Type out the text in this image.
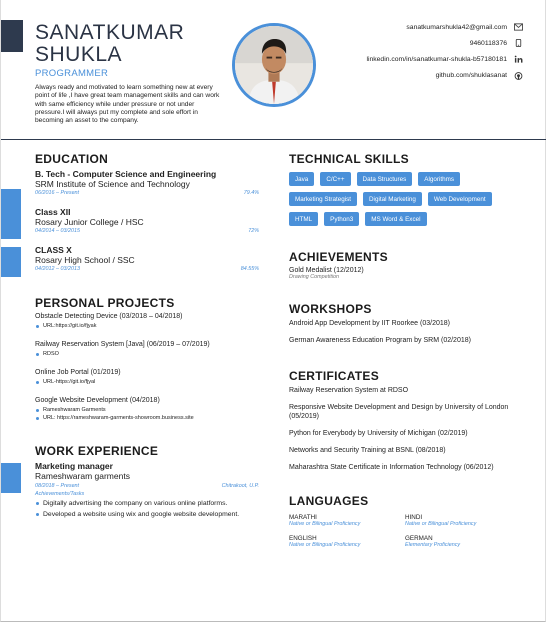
SANATKUMAR
SHUKLA
PROGRAMMER
Always ready and motivated to learn something new at every point of life ,I have great team management skills and can work with same efficiency while under pressure or not under pressure.I will always put my complete and sole effort in becoming an asset to the company.
sanatkumarshukla42@gmail.com
9460118376
linkedin.com/in/sanatkumar-shukla-b57180181
github.com/shuklasanat
EDUCATION
B. Tech - Computer Science and Engineering
SRM Institute of Science and Technology
06/2016 – Present	79.4%
Class XII
Rosary Junior College / HSC
04/2014 – 03/2015	72%
CLASS X
Rosary High School / SSC
04/2012 – 03/2013	84.55%
PERSONAL PROJECTS
Obstacle Detecting Device (03/2018 – 04/2018)
URL:https://git.io/fjyak
Railway Reservation System [Java] (06/2019 – 07/2019)
RDSO
Online Job Portal (01/2019)
URL-https://git.io/fjyal
Google Website Development (04/2018)
Rameshwaram Garments
URL: https://rameshwaram-garments-showroom.business.site
WORK EXPERIENCE
Marketing manager
Rameshwaram garments
08/2018 – Present	Chitrakoot, U.P.
Achievements/Tasks
Digitally advertising the company on various online platforms.
Developed a website using wix and google website development.
TECHNICAL SKILLS
Java	C/C++	Data Structures	Algorithms
Marketing Strategist	Digital Marketing	Web Development
HTML	Python3	MS Word & Excel
ACHIEVEMENTS
Gold Medalist (12/2012)
Drawing Competition
WORKSHOPS
Android App Development by IIT Roorkee (03/2018)
German Awareness Education Program by SRM (02/2018)
CERTIFICATES
Railway Reservation System at RDSO
Responsive Website Development and Design by University of London (05/2019)
Python for Everybody by University of Michigan (02/2019)
Networks and Security Training at BSNL (08/2018)
Maharashtra State Certificate in Information Technology (06/2012)
LANGUAGES
MARATHI
Native or Bilingual Proficiency
HINDI
Native or Bilingual Proficiency
ENGLISH
Native or Bilingual Proficiency
GERMAN
Elementary Proficiency
